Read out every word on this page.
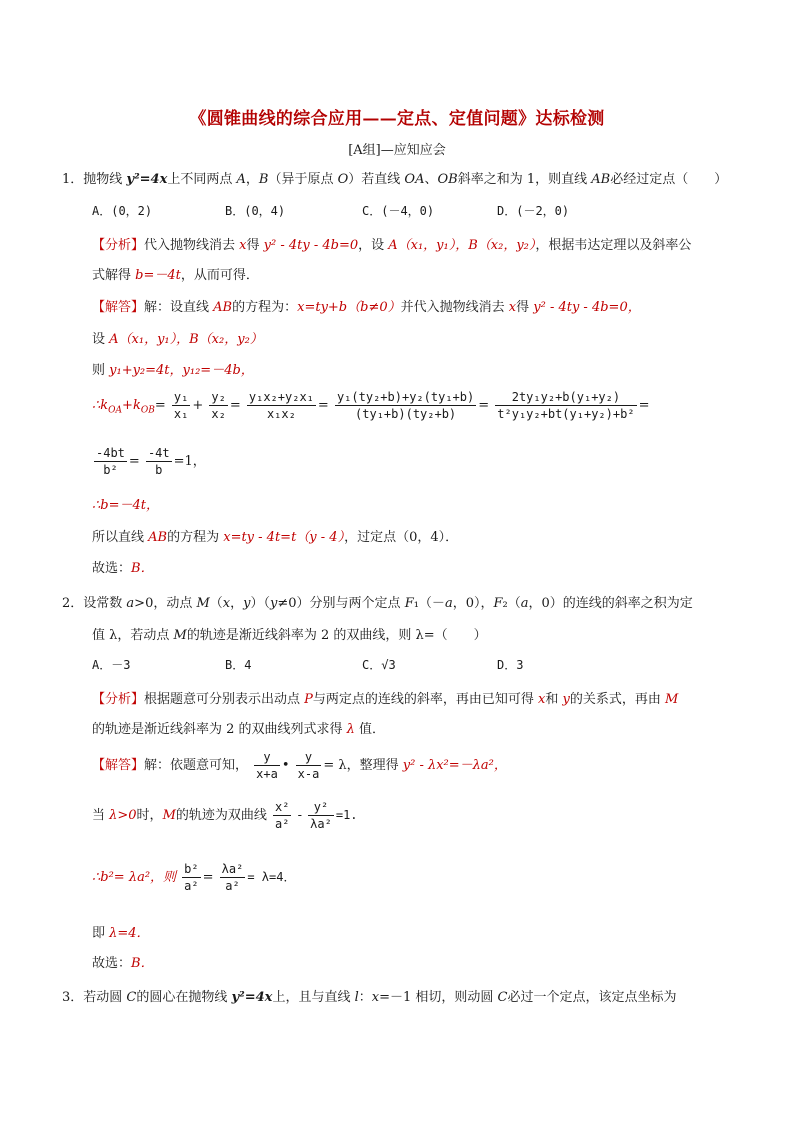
《圆锥曲线的综合应用——定点、定值问题》达标检测
[A组]—应知应会
1．抛物线 y²=4x上不同两点 A，B（异于原点 O）若直线 OA、OB斜率之和为 1，则直线 AB必经过定点（　　）
A．(0，2)	B．(0，4)	C．(－4，0)	D．(－2，0)
【分析】代入抛物线消去 x得 y² - 4ty - 4b=0，设 A（x₁，y₁），B（x₂，y₂），根据韦达定理以及斜率公
式解得 b=－4t，从而可得．
【解答】解：设直线 AB的方程为：x=ty+b（b≠0）并代入抛物线消去 x得 y² - 4ty - 4b=0，
设 A（x₁，y₁），B（x₂，y₂）
则 y₁+y₂=4t，y₁₂=－4b，
$\therefore k_{OA}+k_{OB}= \frac{\text{y₁}}{\text{x₁}} + \frac{\text{y₂}}{\text{x₂}} = \frac{\text{y₁x₂+y₂x₁}}{\text{x₁x₂}} = \frac{\text{y₁(ty₂+b)+y₂(ty₁+b)}}{\text{(ty₁+b)(ty₂+b)}} = \frac{\text{2ty₁y₂+b(y₁+y₂)}}{\text{t²y₁y₂+bt(y₁+y₂)+b²}}$ =
$\frac{-4bt}{\text{b²}} = \frac{-4t}{b} =1$，
∴b=－4t，
所以直线 AB的方程为 x=ty - 4t=t（y - 4），过定点（0，4）．
故选：B．
2．设常数 a>0，动点 M（x，y）（y≠0）分别与两个定点 F₁（－a，0），F₂（a，0）的连线的斜率之积为定
值 λ，若动点 M的轨迹是渐近线斜率为 2 的双曲线，则 λ=（　　）
A．－3	B．4	C．√3	D．3
【分析】根据题意可分别表示出动点 P与两定点的连线的斜率，再由已知可得 x和 y的关系式，再由 M
的轨迹是渐近线斜率为 2 的双曲线列式求得 λ 值．
【解答】解：依题意可知， $\frac{y}{x+a}$ • $\frac{y}{x-a} = \lambda$，整理得 y² - λx²=－λa²，
当 λ>0时，M的轨迹为双曲线 $\frac{\text{x²}}{\text{a²}} - \frac{\text{y²}}{\text{λa²}} =1$.
∴b²= λa²，则 $\frac{\text{b²}}{\text{a²}} = \frac{\text{λa²}}{\text{a²}} = \lambda=4$．
即 λ=4．
故选：B．
3．若动圆 C的圆心在抛物线 y²=4x上，且与直线 l：x=－1 相切，则动圆 C必过一个定点，该定点坐标为
